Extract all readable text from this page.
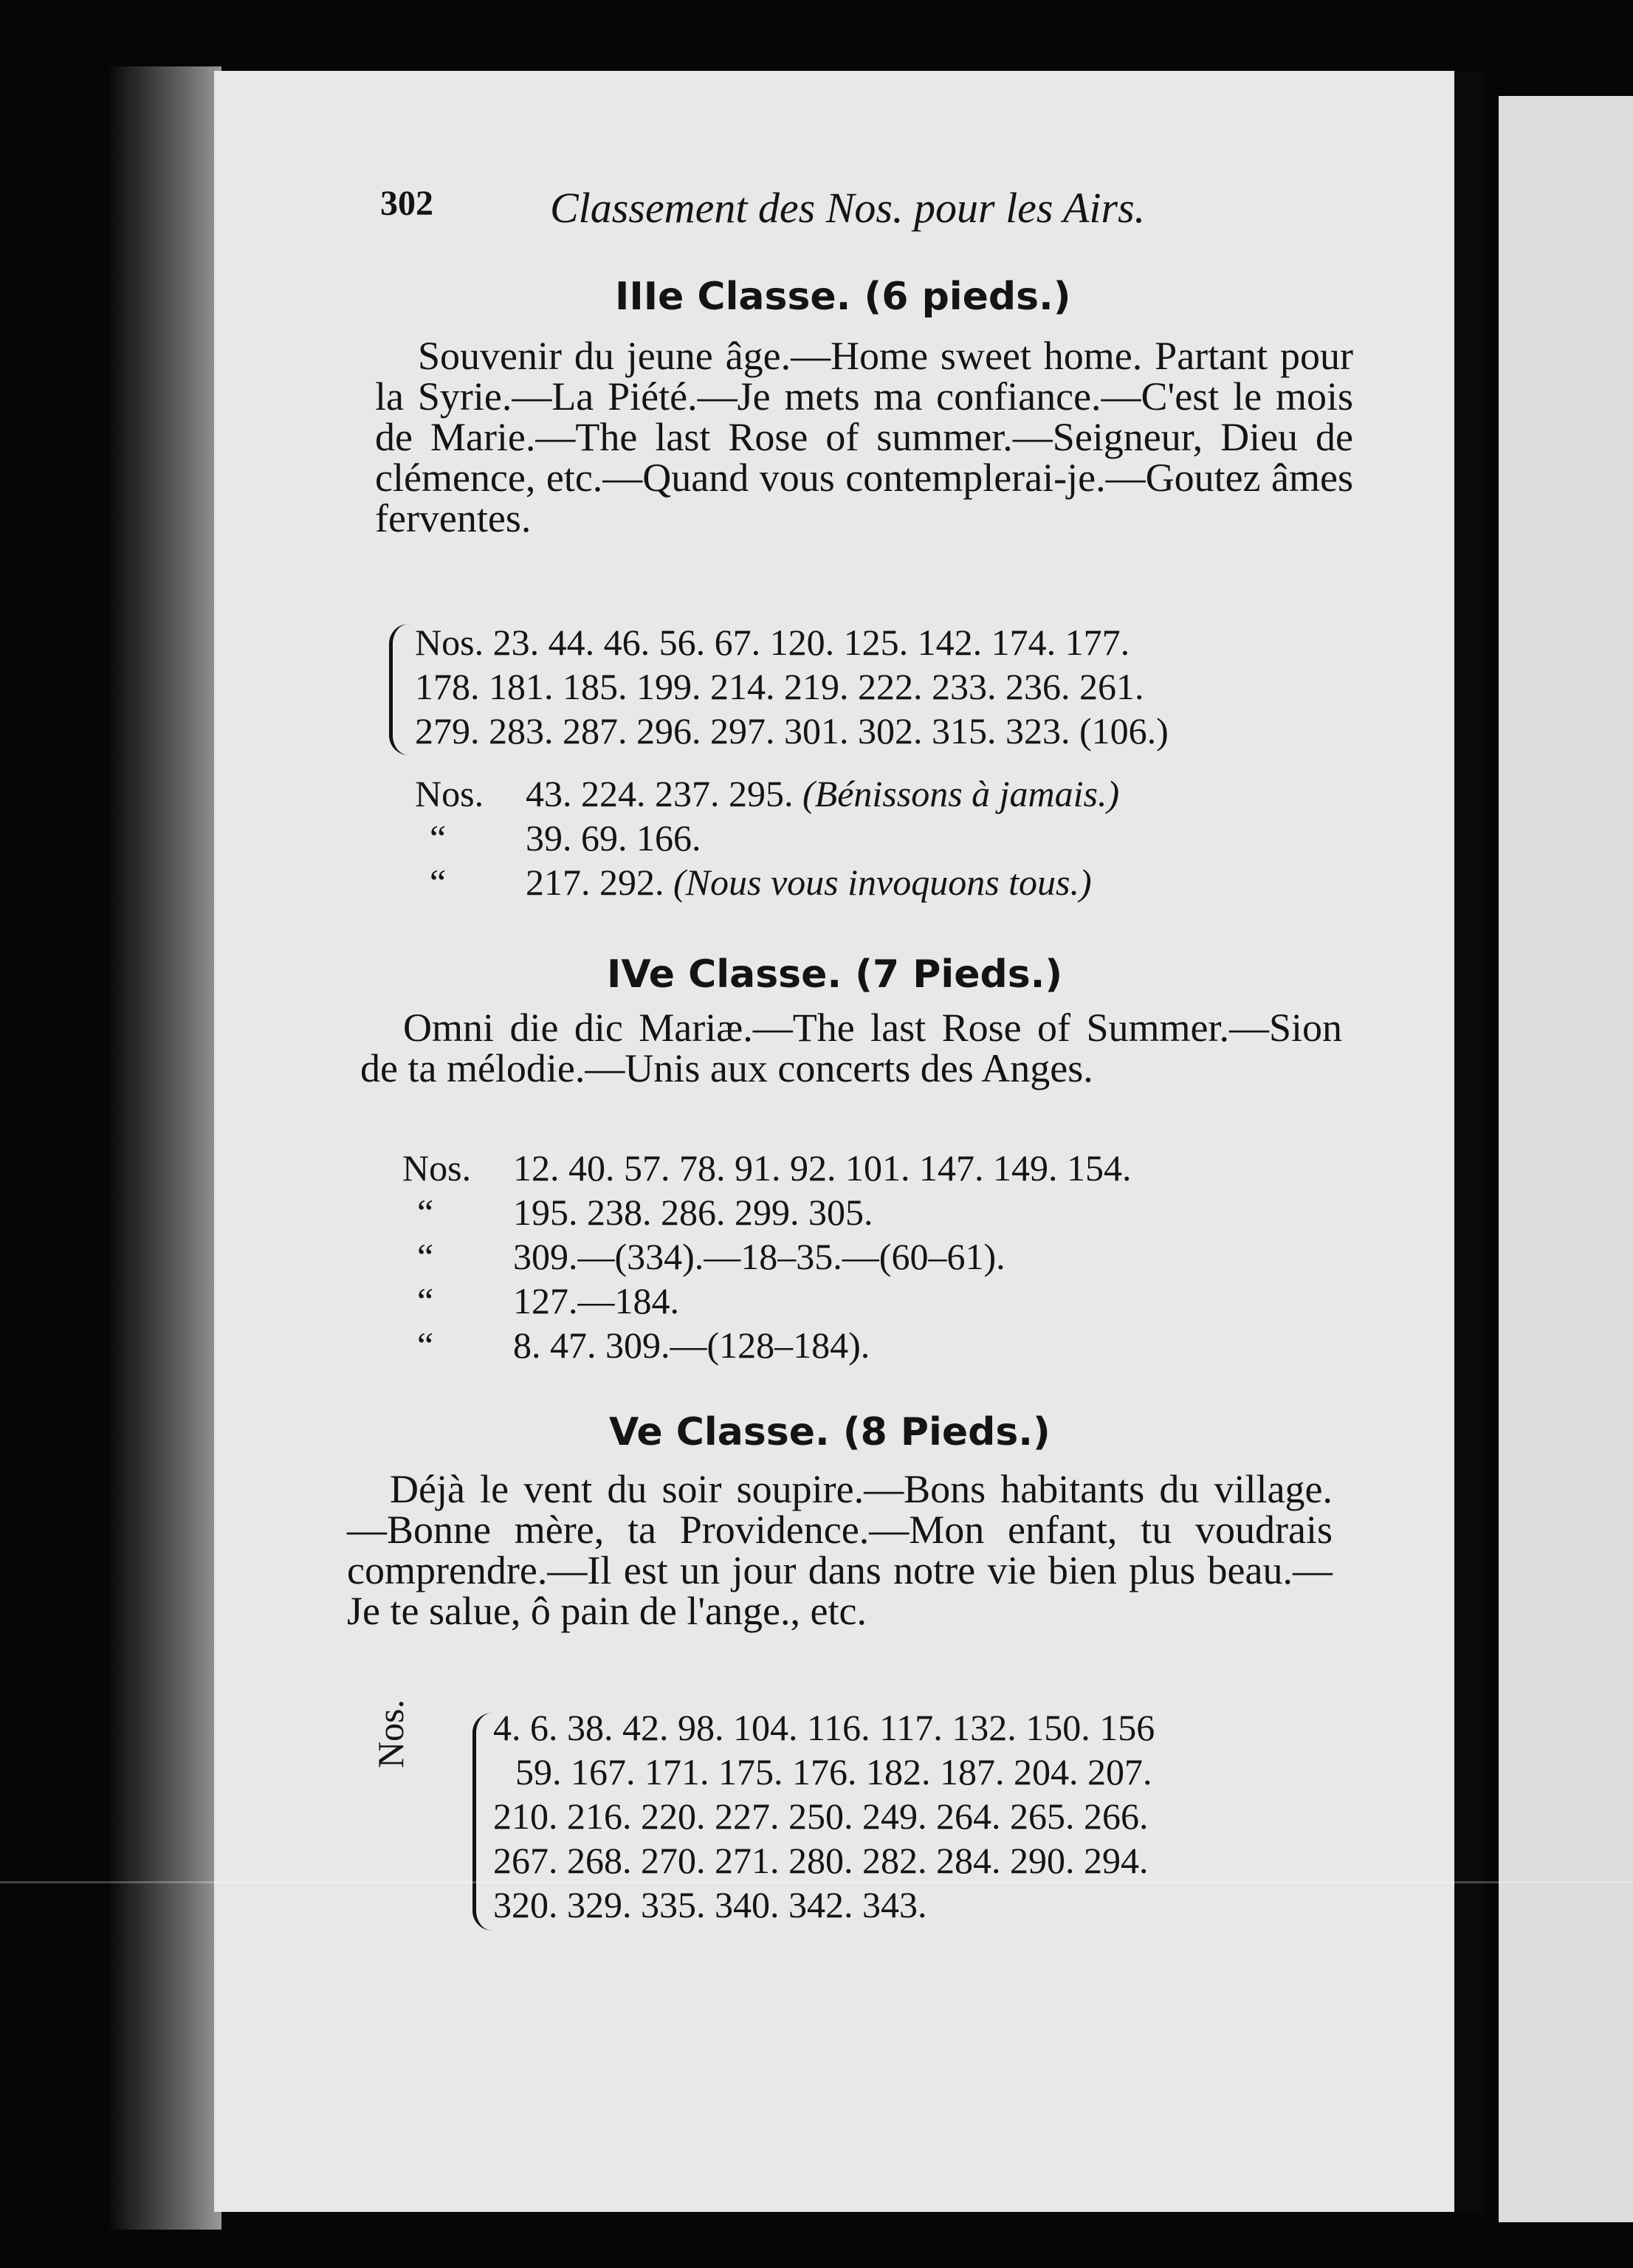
302	Classement des Nos. pour les Airs.
IIIe Classe. (6 pieds.)
Souvenir du jeune âge.—Home sweet home. Partant pour la Syrie.—La Piété.—Je mets ma confiance.—C'est le mois de Marie.—The last Rose of summer.—Seigneur, Dieu de clémence, etc.—Quand vous contemplerai-je.—Goutez âmes ferventes.
Nos. 23. 44. 46. 56. 67. 120. 125. 142. 174. 177.
178. 181. 185. 199. 214. 219. 222. 233. 236. 261.
279. 283. 287. 296. 297. 301. 302. 315. 323. (106.)
Nos. 43. 224. 237. 295. (Bénissons à jamais.)
“ 39. 69. 166.
“ 217. 292. (Nous vous invoquons tous.)
IVe Classe. (7 Pieds.)
Omni die dic Mariæ.—The last Rose of Summer.—Sion de ta mélodie.—Unis aux concerts des Anges.
Nos. 12. 40. 57. 78. 91. 92. 101. 147. 149. 154.
“ 195. 238. 286. 299. 305.
“ 309.—(334).—18–35.—(60–61).
“ 127.—184.
“ 8. 47. 309.—(128–184).
Ve Classe. (8 Pieds.)
Déjà le vent du soir soupire.—Bons habitants du village.—Bonne mère, ta Providence.—Mon enfant, tu voudrais comprendre.—Il est un jour dans notre vie bien plus beau.—Je te salue, ô pain de l'ange., etc.
Nos. 4. 6. 38. 42. 98. 104. 116. 117. 132. 150. 156
59. 167. 171. 175. 176. 182. 187. 204. 207.
210. 216. 220. 227. 250. 249. 264. 265. 266.
267. 268. 270. 271. 280. 282. 284. 290. 294.
320. 329. 335. 340. 342. 343.
